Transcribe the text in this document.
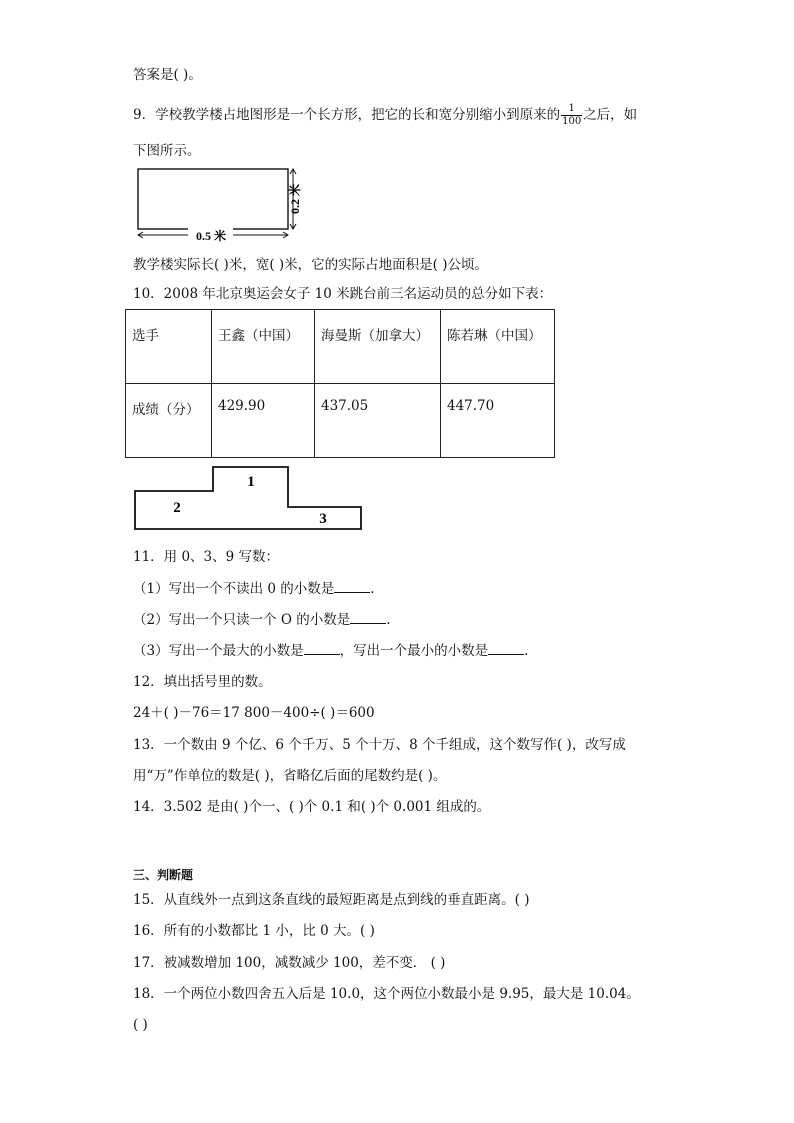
答案是( )。
9．学校教学楼占地图形是一个长方形，把它的长和宽分别缩小到原来的 $\frac{1}{100}$ 之后，如
下图所示。
0.2 米
0.5 米
教学楼实际长( )米，宽( )米，它的实际占地面积是( )公顷。
10．2008 年北京奥运会女子 10 米跳台前三名运动员的总分如下表：
选手	王鑫（中国）	海曼斯（加拿大）	陈若琳（中国）
成绩（分）	429.90	437.05	447.70
1
2
3
11．用 0、3、9 写数：
（1）写出一个不读出 0 的小数是	.
（2）写出一个只读一个 O 的小数是	.
（3）写出一个最大的小数是	，写出一个最小的小数是	.
12．填出括号里的数。
24＋( )－76＝17 800－400÷( )＝600
13．一个数由 9 个亿、6 个千万、5 个十万、8 个千组成，这个数写作( )，改写成
用“万”作单位的数是( )，省略亿后面的尾数约是( )。
14．3.502 是由( )个一、( )个 0.1 和( )个 0.001 组成的。
三、判断题
15．从直线外一点到这条直线的最短距离是点到线的垂直距离。( )
16．所有的小数都比 1 小，比 0 大。( )
17．被减数增加 100，减数减少 100，差不变． ( )
18．一个两位小数四舍五入后是 10.0，这个两位小数最小是 9.95，最大是 10.04。
( )
